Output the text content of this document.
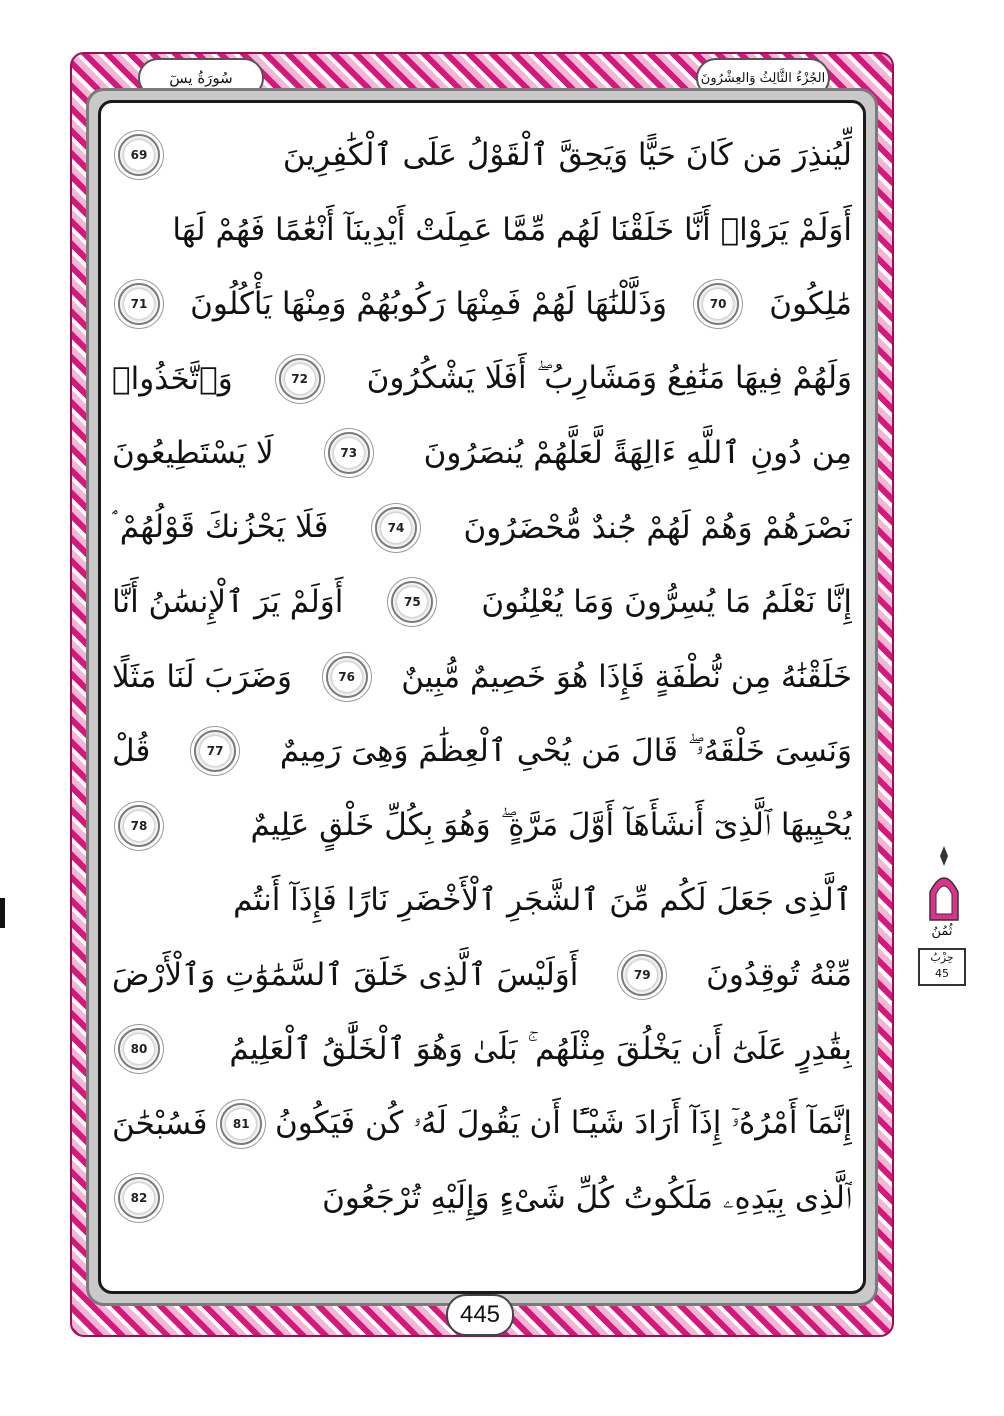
الجُزْءُ الثَّالِثُ وَالعِشْرُونَ
سُورَةُ يسٓ
لِّيُنذِرَ مَن كَانَ حَيًّا وَيَحِقَّ ٱلْقَوْلُ عَلَى ٱلْكَٰفِرِينَ
69
أَوَلَمْ يَرَوْا۟ أَنَّا خَلَقْنَا لَهُم مِّمَّا عَمِلَتْ أَيْدِينَآ أَنْعَٰمًا فَهُمْ لَهَا
مَٰلِكُونَ
70
وَذَلَّلْنَٰهَا لَهُمْ فَمِنْهَا رَكُوبُهُمْ وَمِنْهَا يَأْكُلُونَ
71
وَلَهُمْ فِيهَا مَنَٰفِعُ وَمَشَارِبُ ۖ أَفَلَا يَشْكُرُونَ
72
وَٱتَّخَذُوا۟
مِن دُونِ ٱللَّهِ ءَالِهَةً لَّعَلَّهُمْ يُنصَرُونَ
73
لَا يَسْتَطِيعُونَ
نَصْرَهُمْ وَهُمْ لَهُمْ جُندٌ مُّحْضَرُونَ
74
فَلَا يَحْزُنكَ قَوْلُهُمْ ۘ
إِنَّا نَعْلَمُ مَا يُسِرُّونَ وَمَا يُعْلِنُونَ
75
أَوَلَمْ يَرَ ٱلْإِنسَٰنُ أَنَّا
خَلَقْنَٰهُ مِن نُّطْفَةٍ فَإِذَا هُوَ خَصِيمٌ مُّبِينٌ
76
وَضَرَبَ لَنَا مَثَلًا
وَنَسِىَ خَلْقَهُۥ ۖ قَالَ مَن يُحْىِ ٱلْعِظَٰمَ وَهِىَ رَمِيمٌ
77
قُلْ
يُحْيِيهَا ٱلَّذِىٓ أَنشَأَهَآ أَوَّلَ مَرَّةٍ ۖ وَهُوَ بِكُلِّ خَلْقٍ عَلِيمٌ
78
ٱلَّذِى جَعَلَ لَكُم مِّنَ ٱلشَّجَرِ ٱلْأَخْضَرِ نَارًا فَإِذَآ أَنتُم
مِّنْهُ تُوقِدُونَ
79
أَوَلَيْسَ ٱلَّذِى خَلَقَ ٱلسَّمَٰوَٰتِ وَٱلْأَرْضَ
بِقَٰدِرٍ عَلَىٰٓ أَن يَخْلُقَ مِثْلَهُم ۚ بَلَىٰ وَهُوَ ٱلْخَلَّٰقُ ٱلْعَلِيمُ
80
إِنَّمَآ أَمْرُهُۥٓ إِذَآ أَرَادَ شَيْـًٔا أَن يَقُولَ لَهُۥ كُن فَيَكُونُ
81
فَسُبْحَٰنَ
ٱلَّذِى بِيَدِهِۦ مَلَكُوتُ كُلِّ شَىْءٍ وَإِلَيْهِ تُرْجَعُونَ
82
445
ثُمُنُ
حِزْبُ
45
